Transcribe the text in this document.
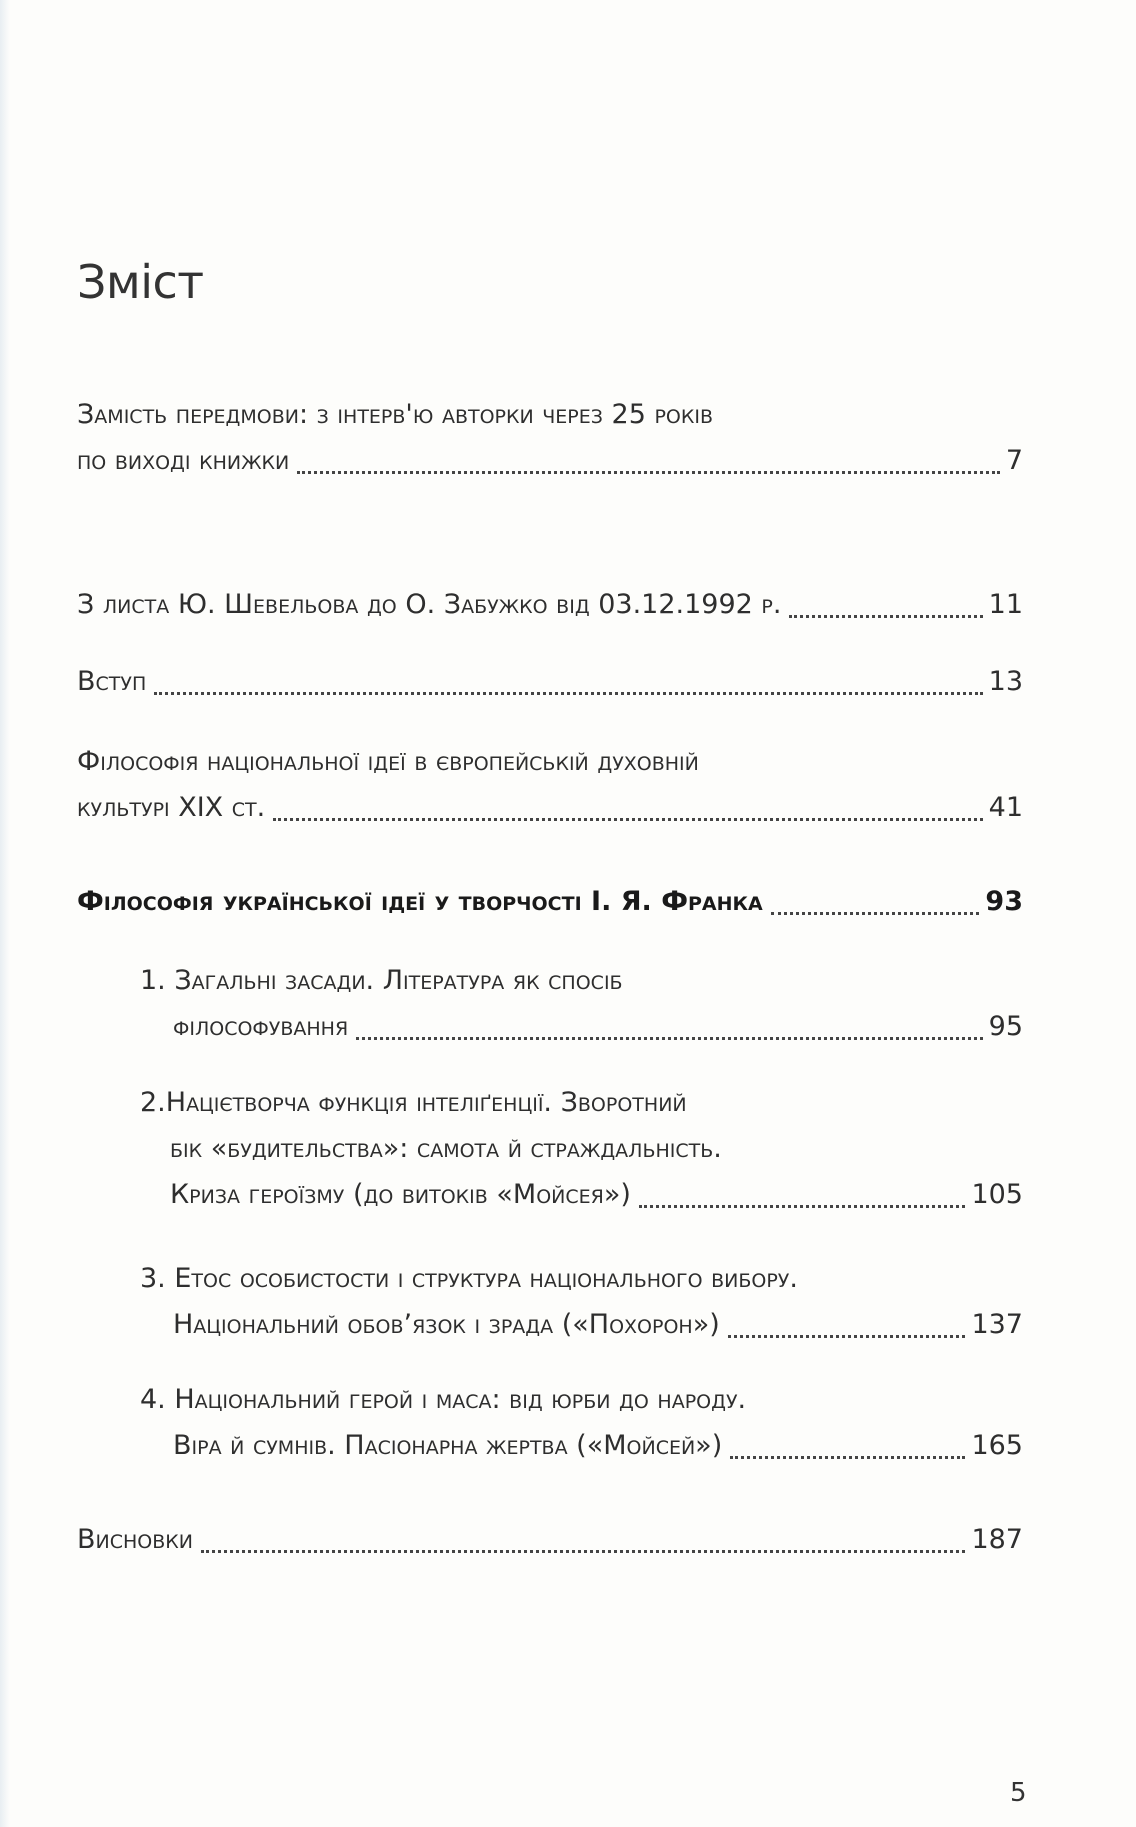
Зміст
Замість передмови: з інтерв'ю авторки через 25 років
по виході книжки	7
З листа Ю. Шевельова до О. Забужко від 03.12.1992 р.	11
Вступ	13
Філософія національної ідеї в європейській духовній
культурі XIX ст.	41
Філософія української ідеї у творчості І. Я. Франка	93
1. Загальні засади. Література як спосіб
філософування	95
2.Націєтворча функція інтеліґенції. Зворотний
бік «будительства»: самота й страждальність.
Криза героїзму (до витоків «Мойсея»)	105
3. Етос особистости і структура національного вибору.
Національний обов’язок і зрада («Похорон»)	137
4. Національний герой і маса: від юрби до народу.
Віра й сумнів. Пасіонарна жертва («Мойсей»)	165
Висновки	187
5
